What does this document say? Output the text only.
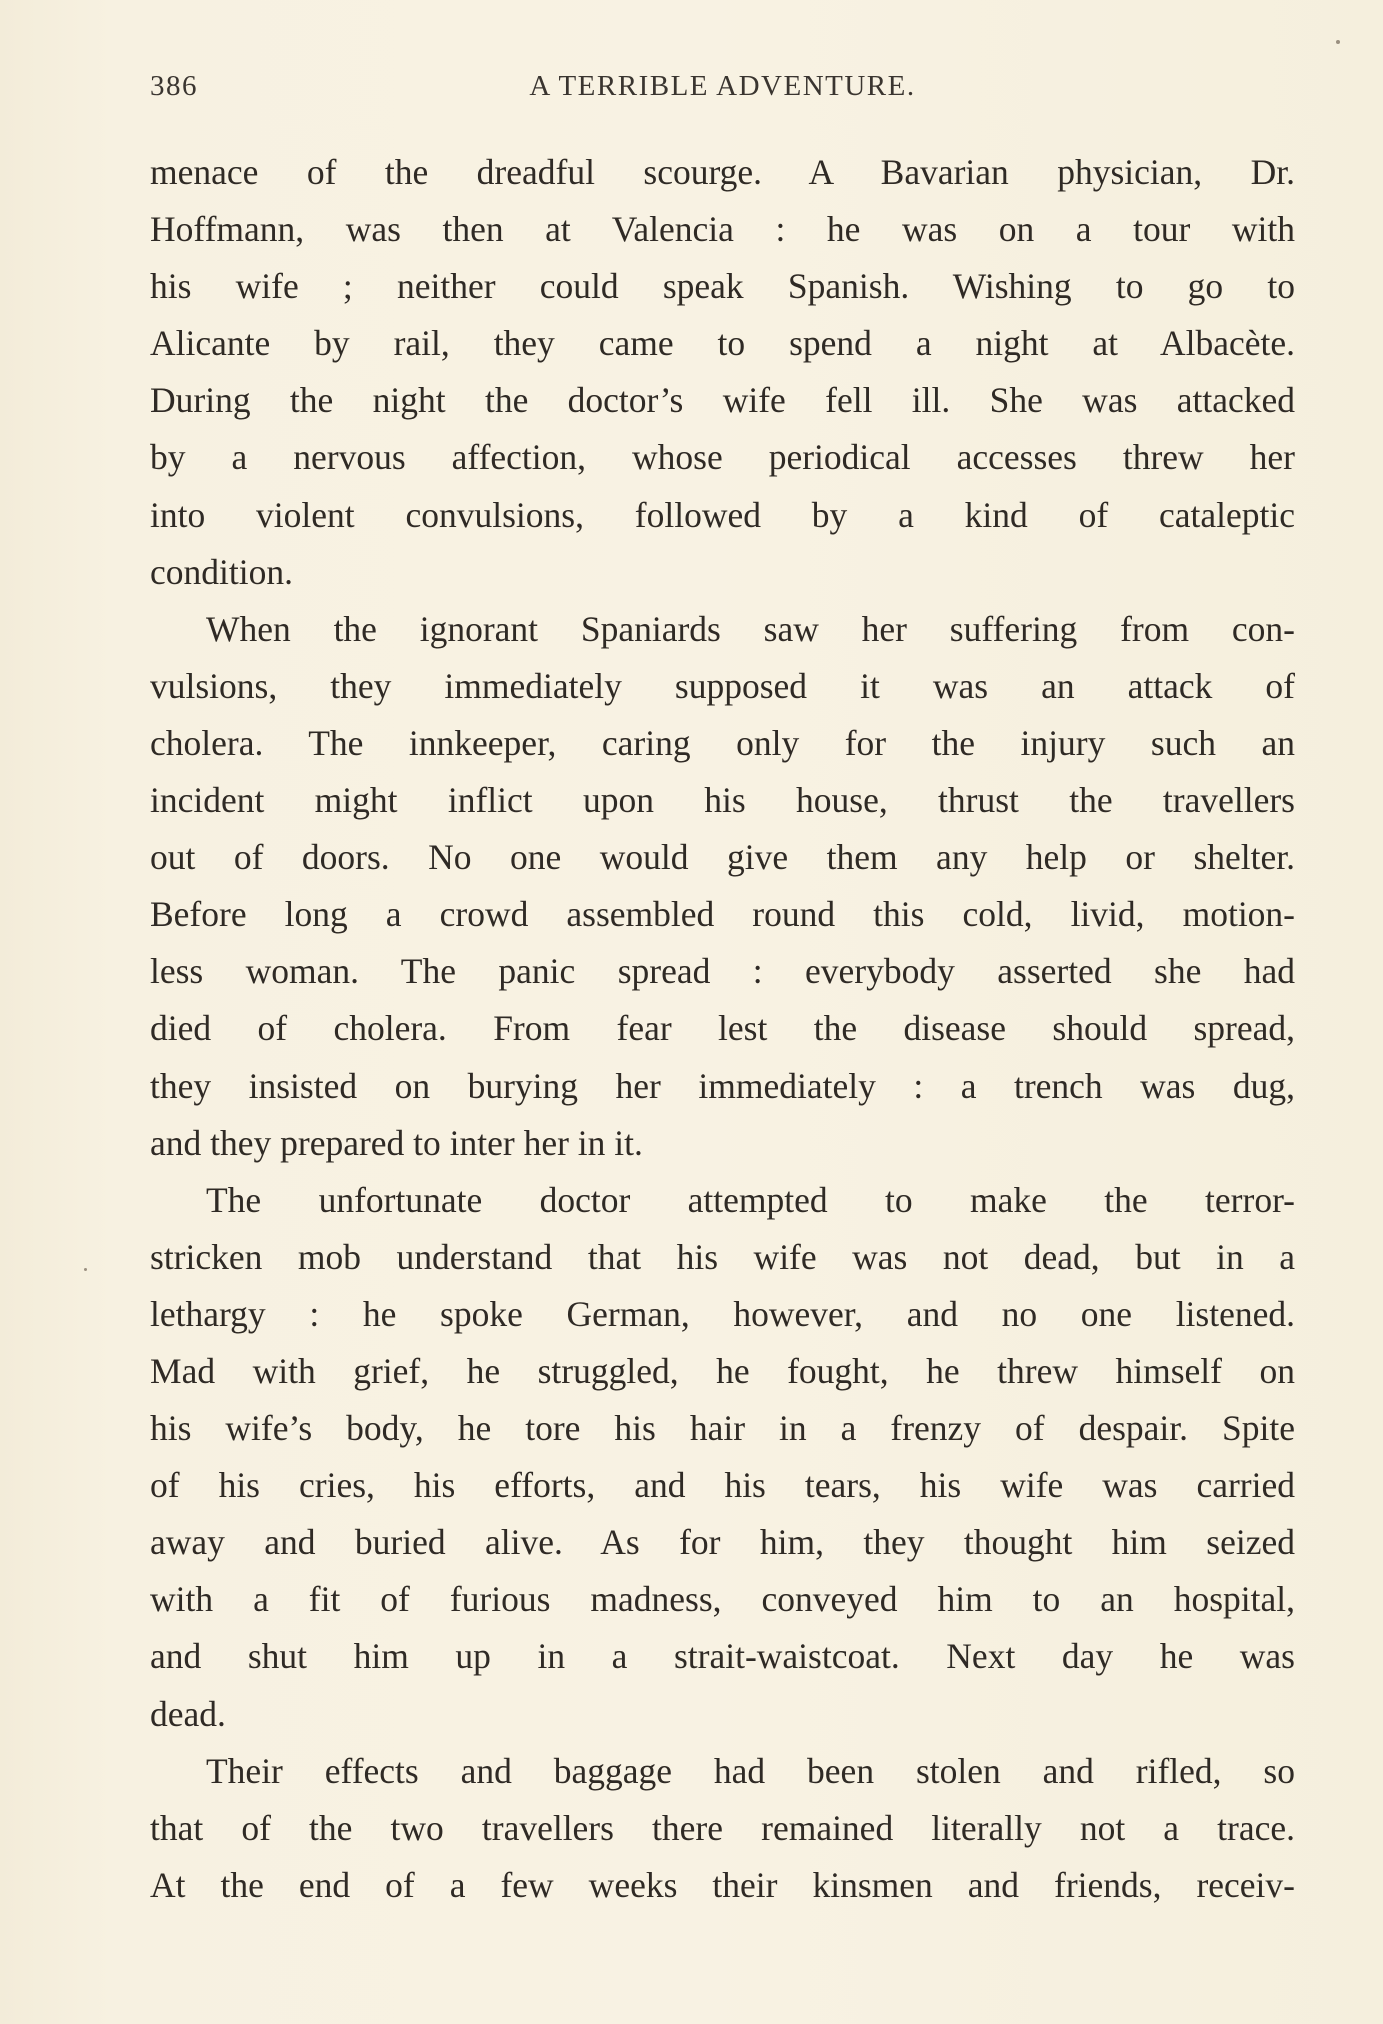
386	A TERRIBLE ADVENTURE.
menace of the dreadful scourge. A Bavarian physician, Dr.
Hoffmann, was then at Valencia : he was on a tour with
his wife ; neither could speak Spanish. Wishing to go to
Alicante by rail, they came to spend a night at Albacète.
During the night the doctor’s wife fell ill. She was attacked
by a nervous affection, whose periodical accesses threw her
into violent convulsions, followed by a kind of cataleptic
condition.
When the ignorant Spaniards saw her suffering from con-
vulsions, they immediately supposed it was an attack of
cholera. The innkeeper, caring only for the injury such an
incident might inflict upon his house, thrust the travellers
out of doors. No one would give them any help or shelter.
Before long a crowd assembled round this cold, livid, motion-
less woman. The panic spread : everybody asserted she had
died of cholera. From fear lest the disease should spread,
they insisted on burying her immediately : a trench was dug,
and they prepared to inter her in it.
The unfortunate doctor attempted to make the terror-
stricken mob understand that his wife was not dead, but in a
lethargy : he spoke German, however, and no one listened.
Mad with grief, he struggled, he fought, he threw himself on
his wife’s body, he tore his hair in a frenzy of despair. Spite
of his cries, his efforts, and his tears, his wife was carried
away and buried alive. As for him, they thought him seized
with a fit of furious madness, conveyed him to an hospital,
and shut him up in a strait-waistcoat. Next day he was
dead.
Their effects and baggage had been stolen and rifled, so
that of the two travellers there remained literally not a trace.
At the end of a few weeks their kinsmen and friends, receiv-
